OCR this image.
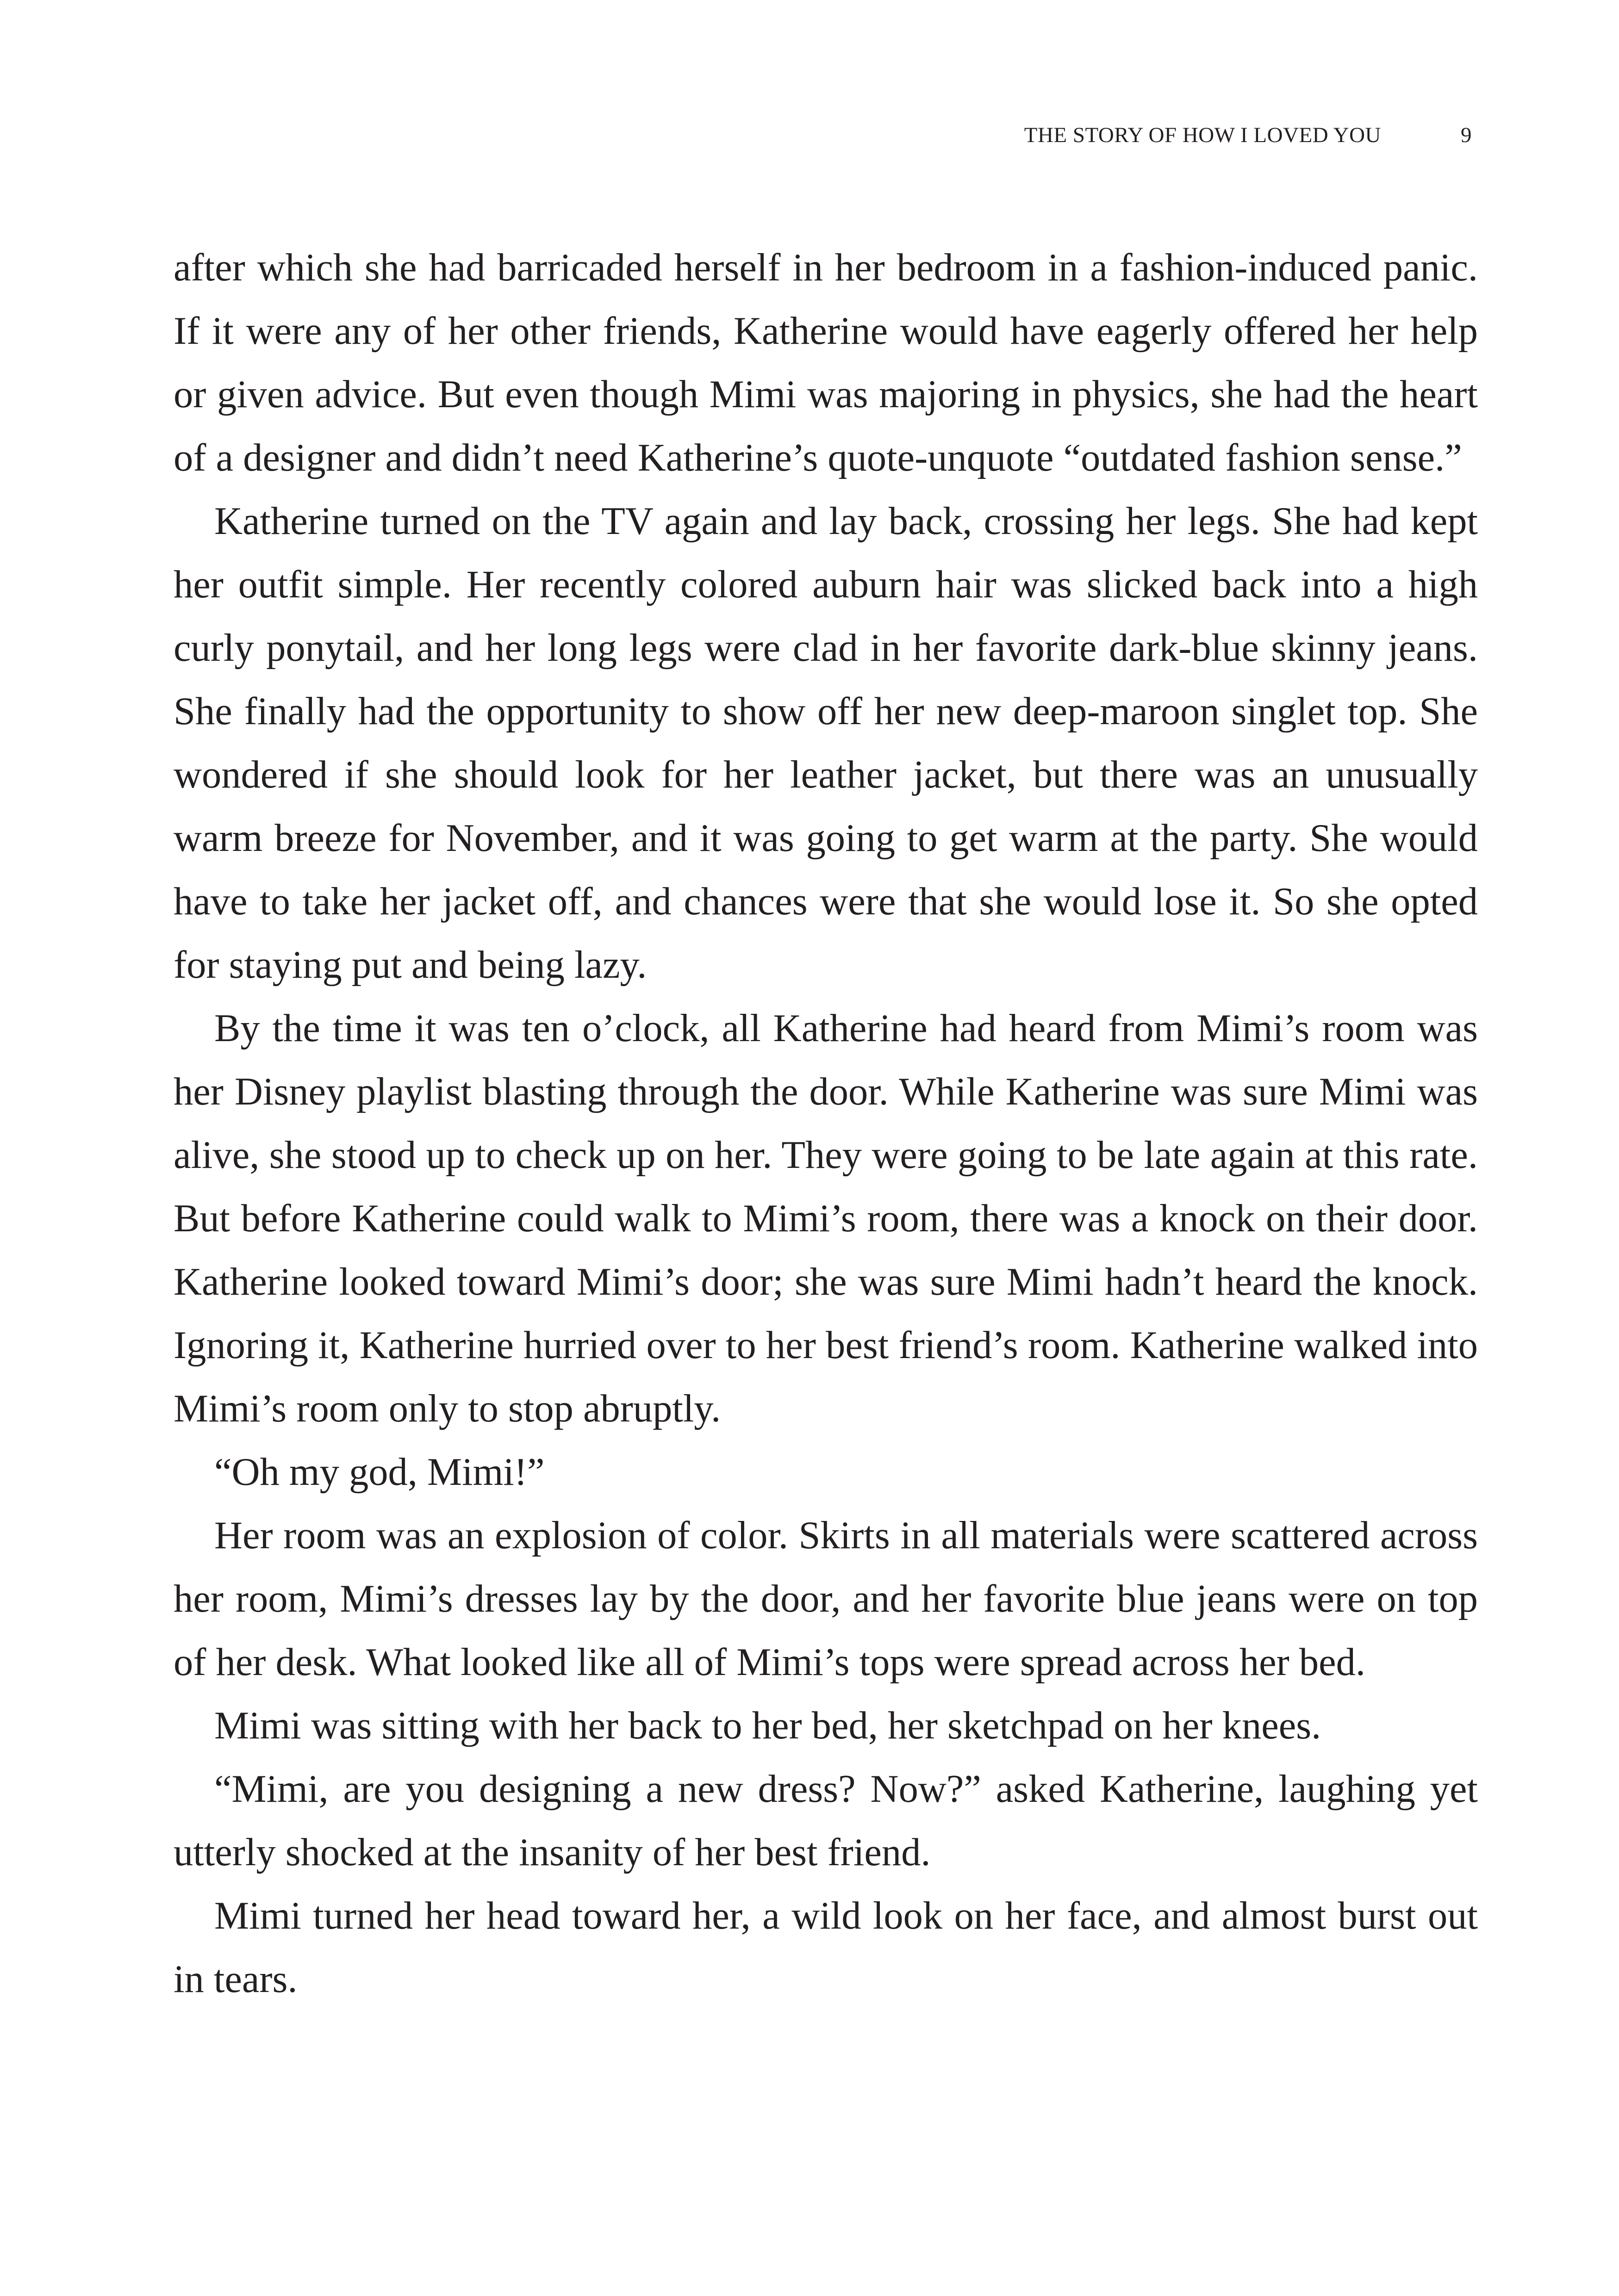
THE STORY OF HOW I LOVED YOU	9

after which she had barricaded herself in her bedroom in a fashion-induced panic. If it were any of her other friends, Katherine would have eagerly offered her help or given advice. But even though Mimi was majoring in physics, she had the heart of a designer and didn’t need Katherine’s quote-unquote “outdated fashion sense.”

Katherine turned on the TV again and lay back, crossing her legs. She had kept her outfit simple. Her recently colored auburn hair was slicked back into a high curly ponytail, and her long legs were clad in her favorite dark-blue skinny jeans. She finally had the opportunity to show off her new deep-maroon singlet top. She wondered if she should look for her leather jacket, but there was an unusually warm breeze for November, and it was going to get warm at the party. She would have to take her jacket off, and chances were that she would lose it. So she opted for staying put and being lazy.

By the time it was ten o’clock, all Katherine had heard from Mimi’s room was her Disney playlist blasting through the door. While Katherine was sure Mimi was alive, she stood up to check up on her. They were going to be late again at this rate. But before Katherine could walk to Mimi’s room, there was a knock on their door. Katherine looked toward Mimi’s door; she was sure Mimi hadn’t heard the knock. Ignoring it, Katherine hurried over to her best friend’s room. Katherine walked into Mimi’s room only to stop abruptly.

“Oh my god, Mimi!”

Her room was an explosion of color. Skirts in all materials were scattered across her room, Mimi’s dresses lay by the door, and her favorite blue jeans were on top of her desk. What looked like all of Mimi’s tops were spread across her bed.

Mimi was sitting with her back to her bed, her sketchpad on her knees.

“Mimi, are you designing a new dress? Now?” asked Katherine, laughing yet utterly shocked at the insanity of her best friend.

Mimi turned her head toward her, a wild look on her face, and almost burst out in tears.
